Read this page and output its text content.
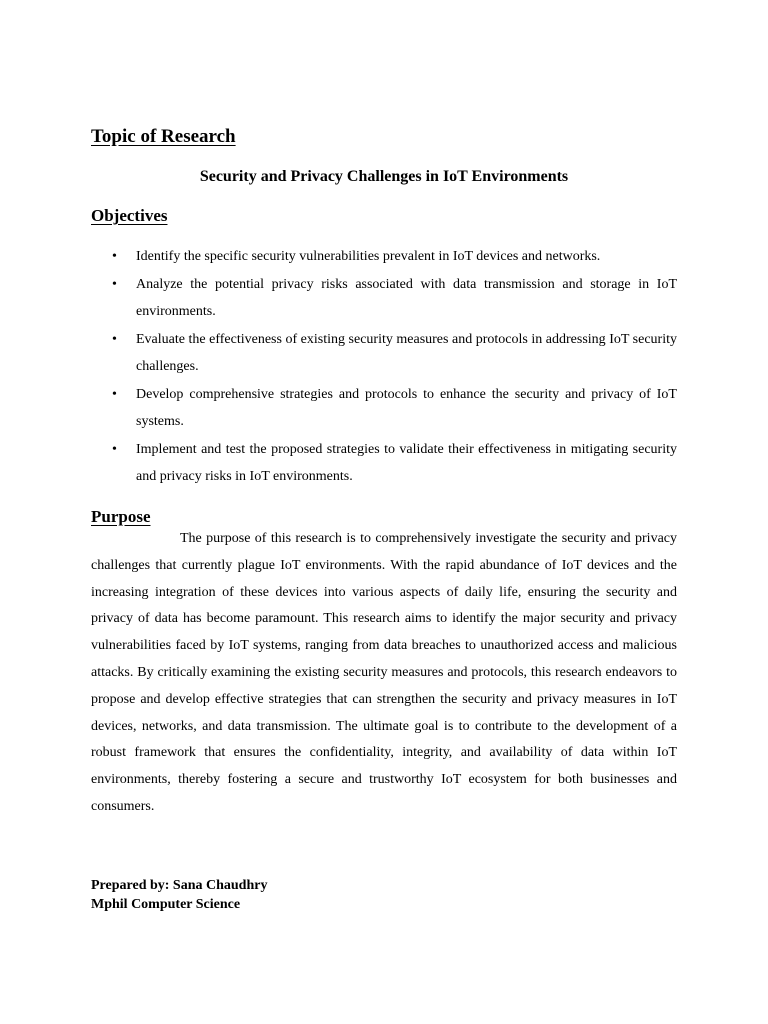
Topic of Research
Security and Privacy Challenges in IoT Environments
Objectives
• Identify the specific security vulnerabilities prevalent in IoT devices and networks.
• Analyze the potential privacy risks associated with data transmission and storage in IoT environments.
• Evaluate the effectiveness of existing security measures and protocols in addressing IoT security challenges.
• Develop comprehensive strategies and protocols to enhance the security and privacy of IoT systems.
• Implement and test the proposed strategies to validate their effectiveness in mitigating security and privacy risks in IoT environments.
Purpose

The purpose of this research is to comprehensively investigate the security and privacy challenges that currently plague IoT environments. With the rapid abundance of IoT devices and the increasing integration of these devices into various aspects of daily life, ensuring the security and privacy of data has become paramount. This research aims to identify the major security and privacy vulnerabilities faced by IoT systems, ranging from data breaches to unauthorized access and malicious attacks. By critically examining the existing security measures and protocols, this research endeavors to propose and develop effective strategies that can strengthen the security and privacy measures in IoT devices, networks, and data transmission. The ultimate goal is to contribute to the development of a robust framework that ensures the confidentiality, integrity, and availability of data within IoT environments, thereby fostering a secure and trustworthy IoT ecosystem for both businesses and consumers.

Prepared by: Sana Chaudhry
Mphil Computer Science
